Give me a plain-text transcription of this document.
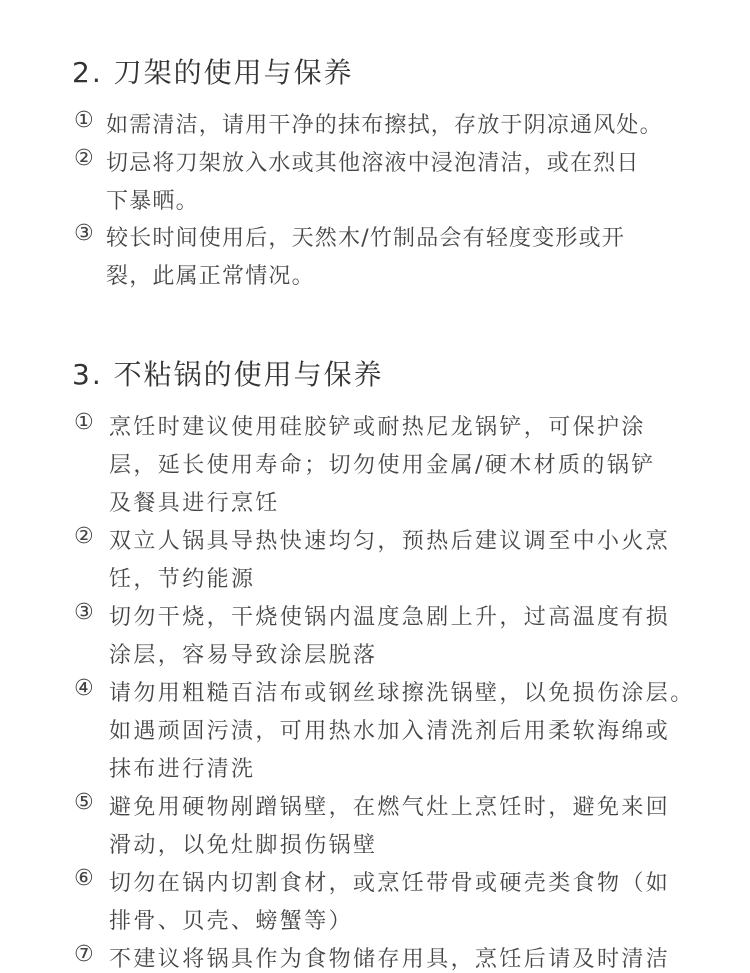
2. 刀架的使用与保养
① 如需清洁，请用干净的抹布擦拭，存放于阴凉通风处。
② 切忌将刀架放入水或其他溶液中浸泡清洁，或在烈日
下暴晒。
③ 较长时间使用后，天然木/竹制品会有轻度变形或开
裂，此属正常情况。
3. 不粘锅的使用与保养
① 烹饪时建议使用硅胶铲或耐热尼龙锅铲，可保护涂
层，延长使用寿命；切勿使用金属/硬木材质的锅铲
及餐具进行烹饪
② 双立人锅具导热快速均匀，预热后建议调至中小火烹
饪，节约能源
③ 切勿干烧，干烧使锅内温度急剧上升，过高温度有损
涂层，容易导致涂层脱落
④ 请勿用粗糙百洁布或钢丝球擦洗锅壁，以免损伤涂层。
如遇顽固污渍，可用热水加入清洗剂后用柔软海绵或
抹布进行清洗
⑤ 避免用硬物剐蹭锅壁，在燃气灶上烹饪时，避免来回
滑动，以免灶脚损伤锅壁
⑥ 切勿在锅内切割食材，或烹饪带骨或硬壳类食物（如
排骨、贝壳、螃蟹等）
⑦ 不建议将锅具作为食物储存用具，烹饪后请及时清洁
